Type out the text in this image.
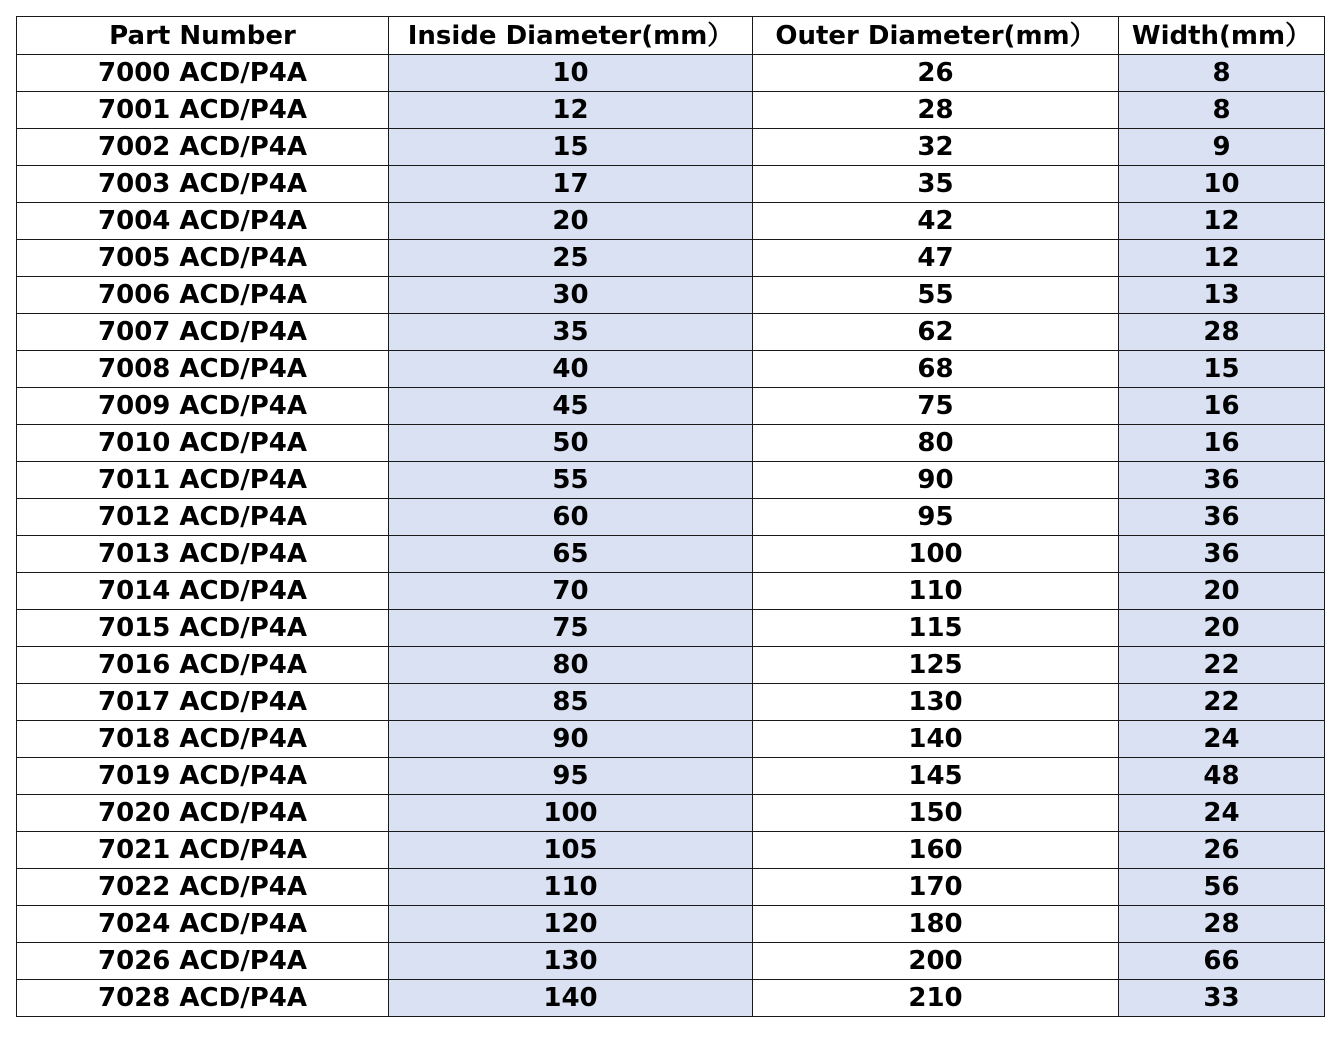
Part Number	Inside Diameter(mm）	Outer Diameter(mm）	Width(mm）
7000 ACD/P4A	10	26	8
7001 ACD/P4A	12	28	8
7002 ACD/P4A	15	32	9
7003 ACD/P4A	17	35	10
7004 ACD/P4A	20	42	12
7005 ACD/P4A	25	47	12
7006 ACD/P4A	30	55	13
7007 ACD/P4A	35	62	28
7008 ACD/P4A	40	68	15
7009 ACD/P4A	45	75	16
7010 ACD/P4A	50	80	16
7011 ACD/P4A	55	90	36
7012 ACD/P4A	60	95	36
7013 ACD/P4A	65	100	36
7014 ACD/P4A	70	110	20
7015 ACD/P4A	75	115	20
7016 ACD/P4A	80	125	22
7017 ACD/P4A	85	130	22
7018 ACD/P4A	90	140	24
7019 ACD/P4A	95	145	48
7020 ACD/P4A	100	150	24
7021 ACD/P4A	105	160	26
7022 ACD/P4A	110	170	56
7024 ACD/P4A	120	180	28
7026 ACD/P4A	130	200	66
7028 ACD/P4A	140	210	33
